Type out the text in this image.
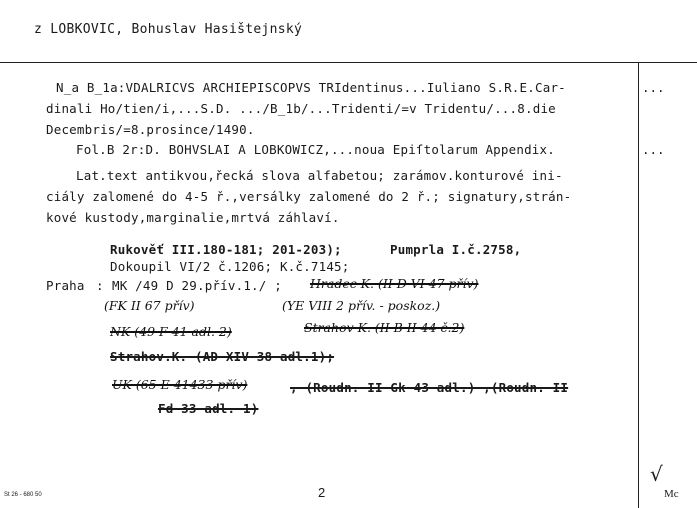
z LOBKOVIC, Bohuslav Hasištejnský
N_a B_1a:VDALRICVS ARCHIEPISCOPVS TRIdentinus...Iuliano S.R.E.Car-	...
dinali Ho/tien/i,...S.D. .../B_1b/...Tridenti/=v Tridentu/...8.die
Decembris/=8.prosince/1490.
Fol.B 2r:D. BOHVSLAI A LOBKOWICZ,...noua Epiſtolarum Appendix.	...
Lat.text antikvou,řecká slova alfabetou; zarámov.konturové ini-
ciály zalomené do 4-5 ř.,versálky zalomené do 2 ř.; signatury,strán-
kové kustody,marginalie,mrtvá záhlaví.
Rukověť III.180-181; 201-203);	Pumprla I.č.2758,
Dokoupil VI/2 č.1206; K.č.7145;
Praha : MK /49 D 29.přív.1./ ; Hradec K. (II D VI 47 přív)
(FK II 67 přív)	(YE VIII 2 přív. - poskoz.)
NK (49 F 41 adl. 2)	Strahov K. (II B II 44 č.2)
Strahov.K. (AD XIV 38 adl.1);
UK (65 E 41433 přív)	, (Roudn. II Gk 43 adl.) ,(Roudn. II
Fd 33 adl. 1)
√
St 26 - 680 50	2	Mc
